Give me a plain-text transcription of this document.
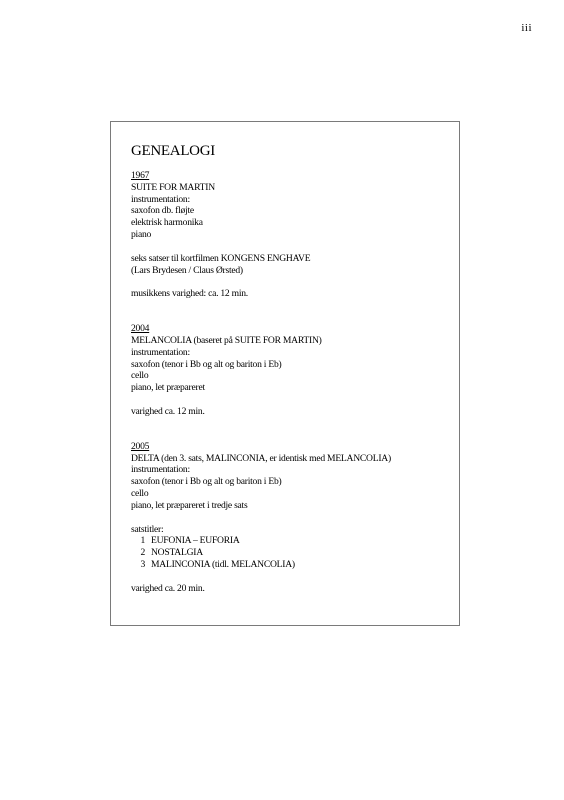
iii
GENEALOGI

1967

SUITE FOR MARTIN

instrumentation:

saxofon db. fløjte

elektrisk harmonika

piano

seks satser til kortfilmen KONGENS ENGHAVE

(Lars Brydesen / Claus Ørsted)

musikkens varighed: ca. 12 min.

2004

MELANCOLIA (baseret på SUITE FOR MARTIN)

instrumentation:

saxofon (tenor i Bb og alt og bariton i Eb)

cello

piano, let præpareret

varighed ca. 12 min.

2005

DELTA (den 3. sats, MALINCONIA, er identisk med MELANCOLIA)

instrumentation:

saxofon (tenor i Bb og alt og bariton i Eb)

cello

piano, let præpareret i tredje sats

satstitler:

1 EUFONIA – EUFORIA

2 NOSTALGIA

3 MALINCONIA (tidl. MELANCOLIA)

varighed ca. 20 min.
